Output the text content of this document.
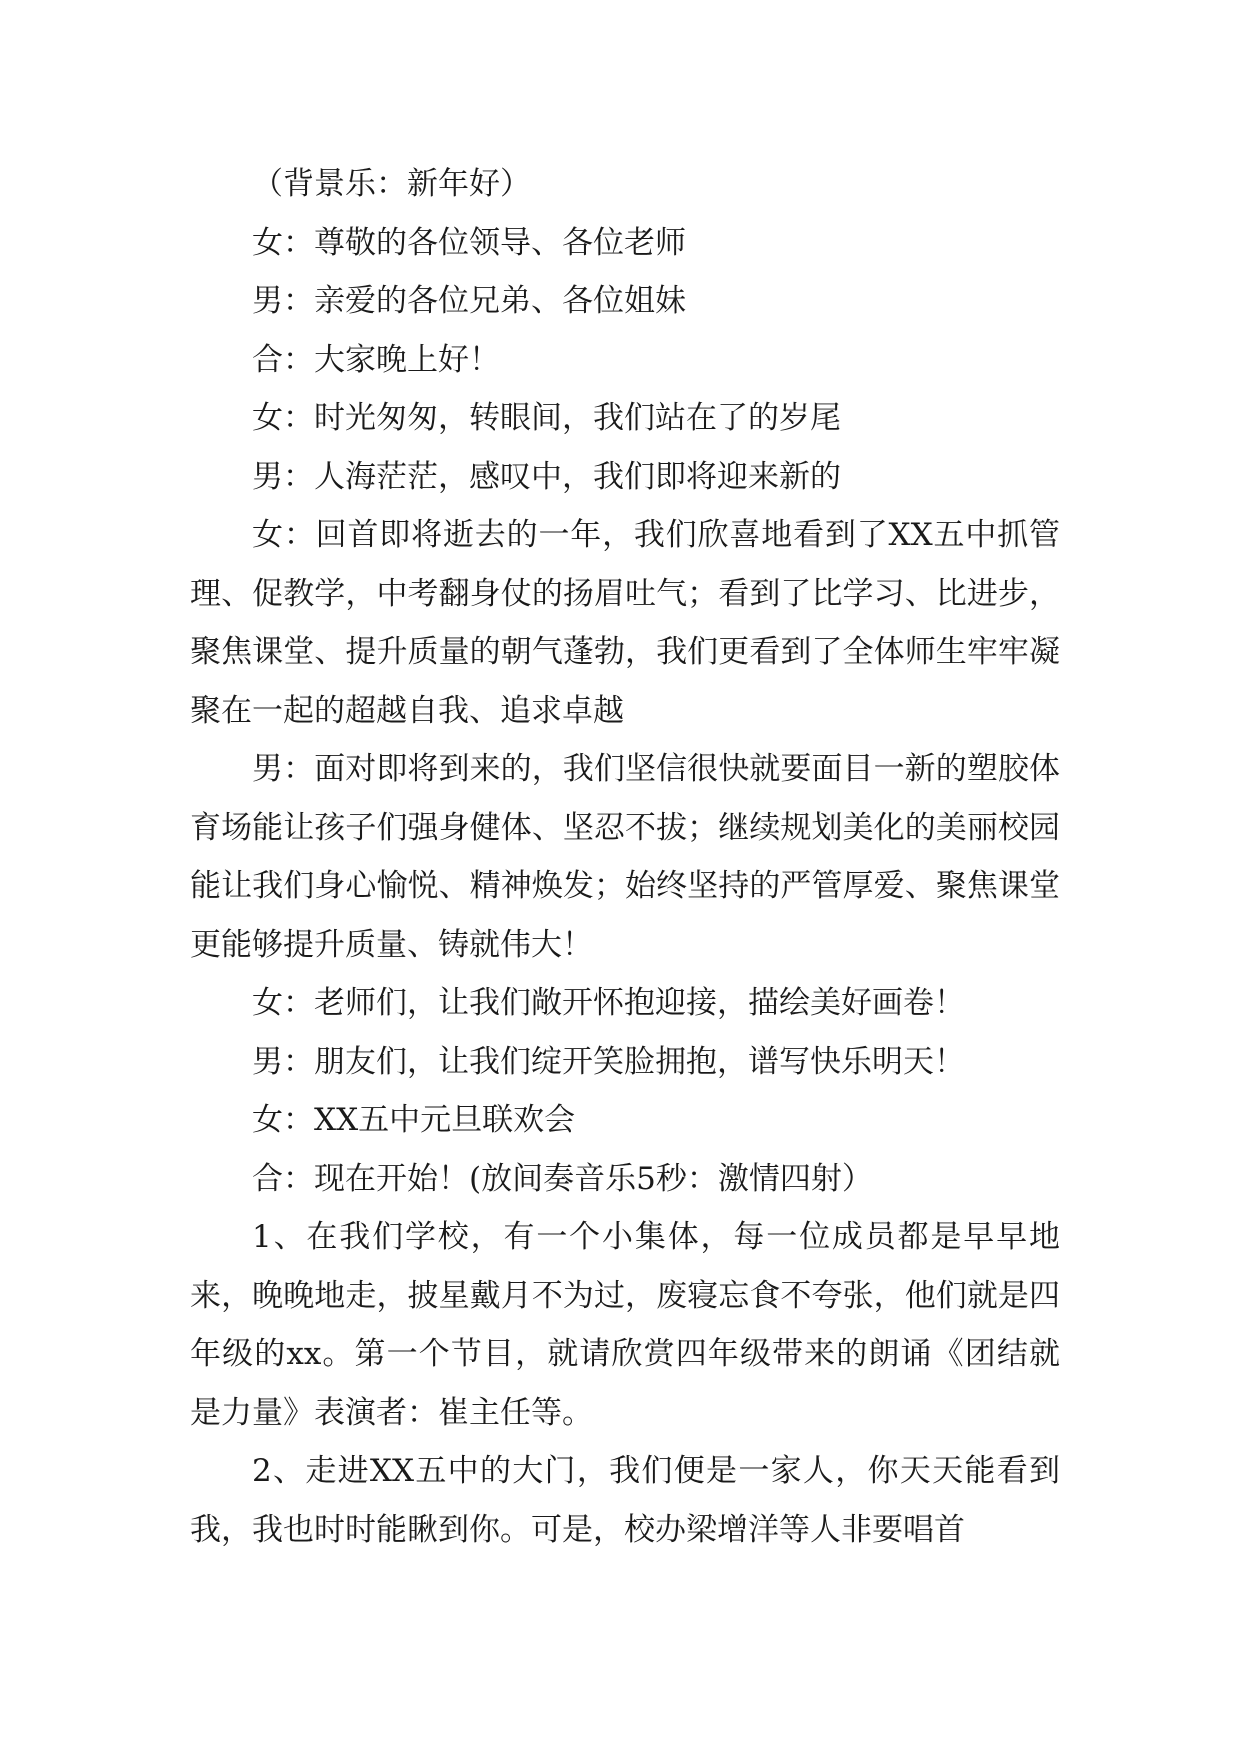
（背景乐：新年好）

女：尊敬的各位领导、各位老师

男：亲爱的各位兄弟、各位姐妹

合：大家晚上好！

女：时光匆匆，转眼间，我们站在了的岁尾

男：人海茫茫，感叹中，我们即将迎来新的

女：回首即将逝去的一年，我们欣喜地看到了XX五中抓管理、促教学，中考翻身仗的扬眉吐气；看到了比学习、比进步，聚焦课堂、提升质量的朝气蓬勃，我们更看到了全体师生牢牢凝聚在一起的超越自我、追求卓越

男：面对即将到来的，我们坚信很快就要面目一新的塑胶体育场能让孩子们强身健体、坚忍不拔；继续规划美化的美丽校园能让我们身心愉悦、精神焕发；始终坚持的严管厚爱、聚焦课堂更能够提升质量、铸就伟大！

女：老师们，让我们敞开怀抱迎接，描绘美好画卷！

男：朋友们，让我们绽开笑脸拥抱，谱写快乐明天！

女：XX五中元旦联欢会

合：现在开始！(放间奏音乐5秒：激情四射）

1、在我们学校，有一个小集体，每一位成员都是早早地来，晚晚地走，披星戴月不为过，废寝忘食不夸张，他们就是四年级的xx。第一个节目，就请欣赏四年级带来的朗诵《团结就是力量》表演者：崔主任等。

2、走进XX五中的大门，我们便是一家人，你天天能看到我，我也时时能瞅到你。可是，校办梁增洋等人非要唱首
